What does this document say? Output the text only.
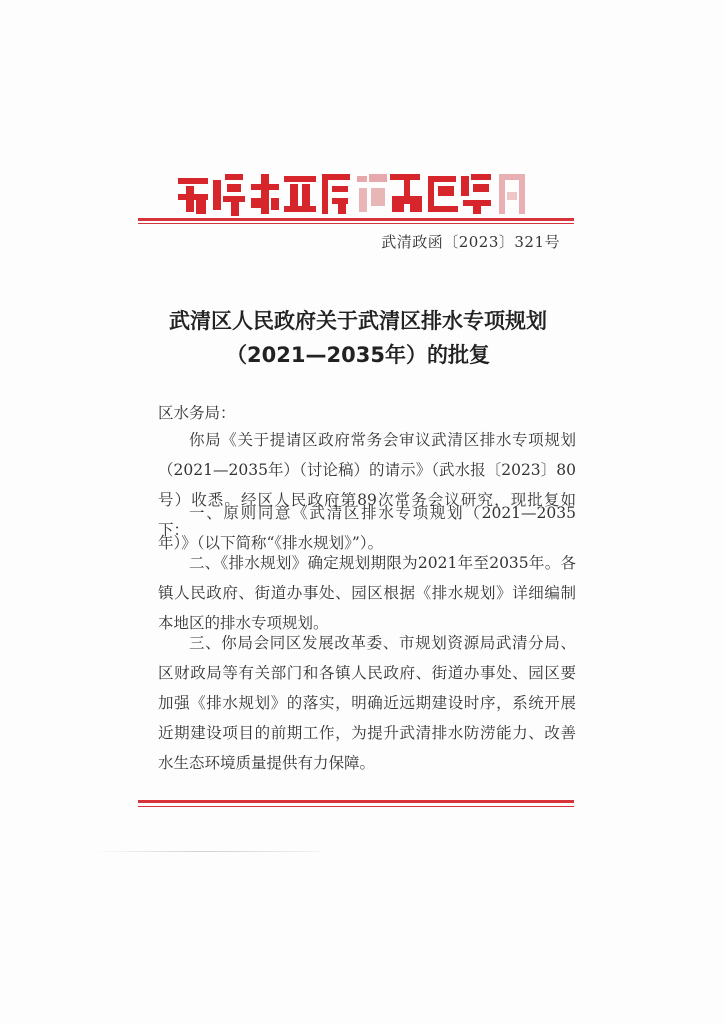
武清政函〔2023〕321号
武清区人民政府关于武清区排水专项规划
（2021—2035年）的批复
区水务局：
你局《关于提请区政府常务会审议武清区排水专项规划（2021—2035年）（讨论稿）的请示》（武水报〔2023〕80号）收悉。经区人民政府第89次常务会议研究，现批复如下：
一、原则同意《武清区排水专项规划（2021—2035年）》（以下简称“《排水规划》”）。
二、《排水规划》确定规划期限为2021年至2035年。各镇人民政府、街道办事处、园区根据《排水规划》详细编制本地区的排水专项规划。
三、你局会同区发展改革委、市规划资源局武清分局、区财政局等有关部门和各镇人民政府、街道办事处、园区要加强《排水规划》的落实，明确近远期建设时序，系统开展近期建设项目的前期工作，为提升武清排水防涝能力、改善水生态环境质量提供有力保障。
